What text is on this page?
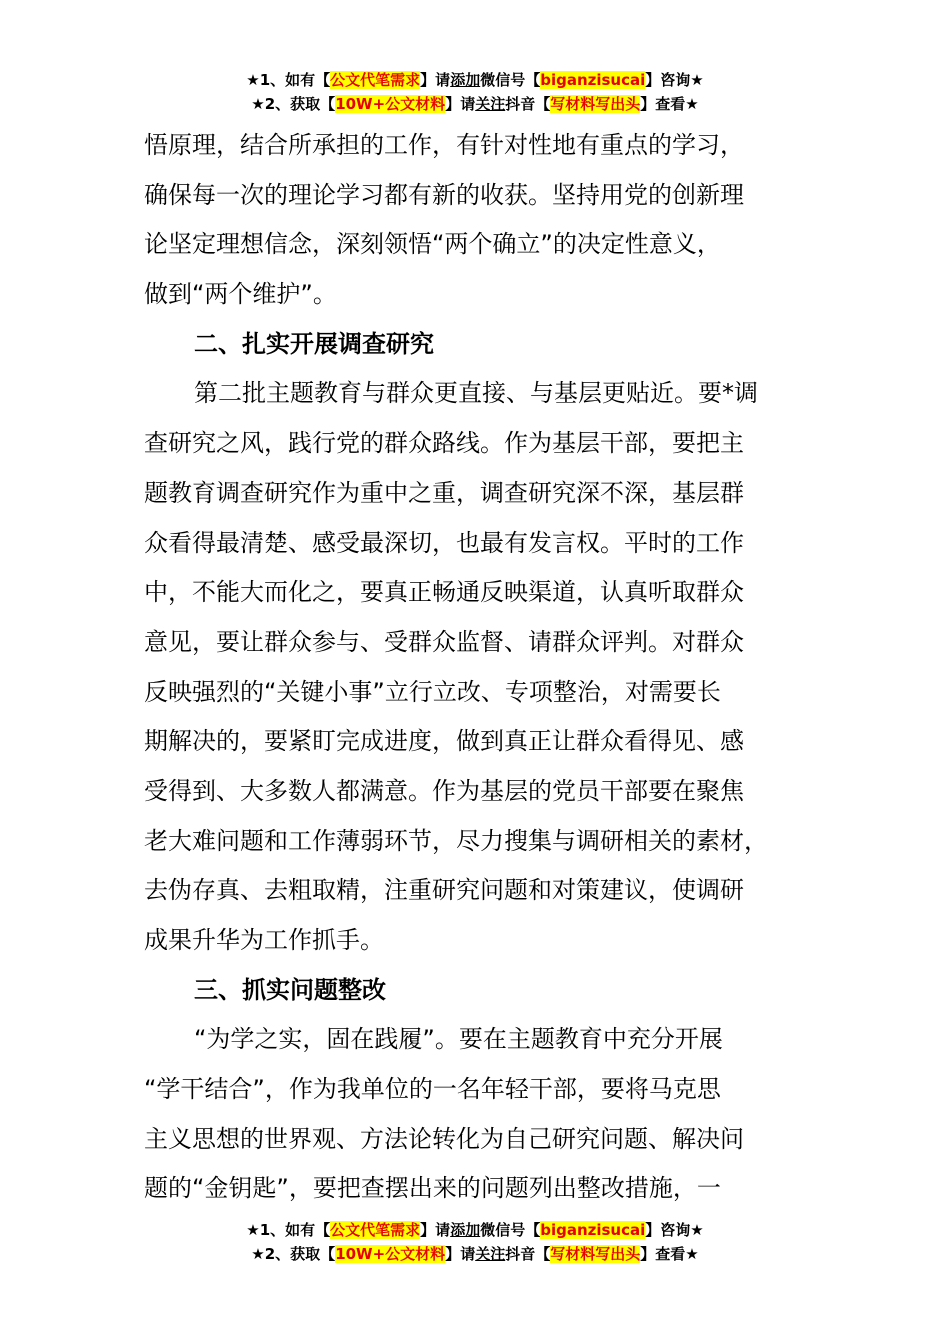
★1、如有【公文代笔需求】请添加微信号【biganzisucai】咨询★
★2、获取【10W+公文材料】请关注抖音【写材料写出头】查看★
悟原理，结合所承担的工作，有针对性地有重点的学习，
确保每一次的理论学习都有新的收获。坚持用党的创新理
论坚定理想信念，深刻领悟“两个确立”的决定性意义，
做到“两个维护”。
二、扎实开展调查研究
第二批主题教育与群众更直接、与基层更贴近。要*调
查研究之风，践行党的群众路线。作为基层干部，要把主
题教育调查研究作为重中之重，调查研究深不深，基层群
众看得最清楚、感受最深切，也最有发言权。平时的工作
中，不能大而化之，要真正畅通反映渠道，认真听取群众
意见，要让群众参与、受群众监督、请群众评判。对群众
反映强烈的“关键小事”立行立改、专项整治，对需要长
期解决的，要紧盯完成进度，做到真正让群众看得见、感
受得到、大多数人都满意。作为基层的党员干部要在聚焦
老大难问题和工作薄弱环节，尽力搜集与调研相关的素材，
去伪存真、去粗取精，注重研究问题和对策建议，使调研
成果升华为工作抓手。
三、抓实问题整改
“为学之实，固在践履”。要在主题教育中充分开展
“学干结合”，作为我单位的一名年轻干部，要将马克思
主义思想的世界观、方法论转化为自己研究问题、解决问
题的“金钥匙”，要把查摆出来的问题列出整改措施，一
★1、如有【公文代笔需求】请添加微信号【biganzisucai】咨询★
★2、获取【10W+公文材料】请关注抖音【写材料写出头】查看★
